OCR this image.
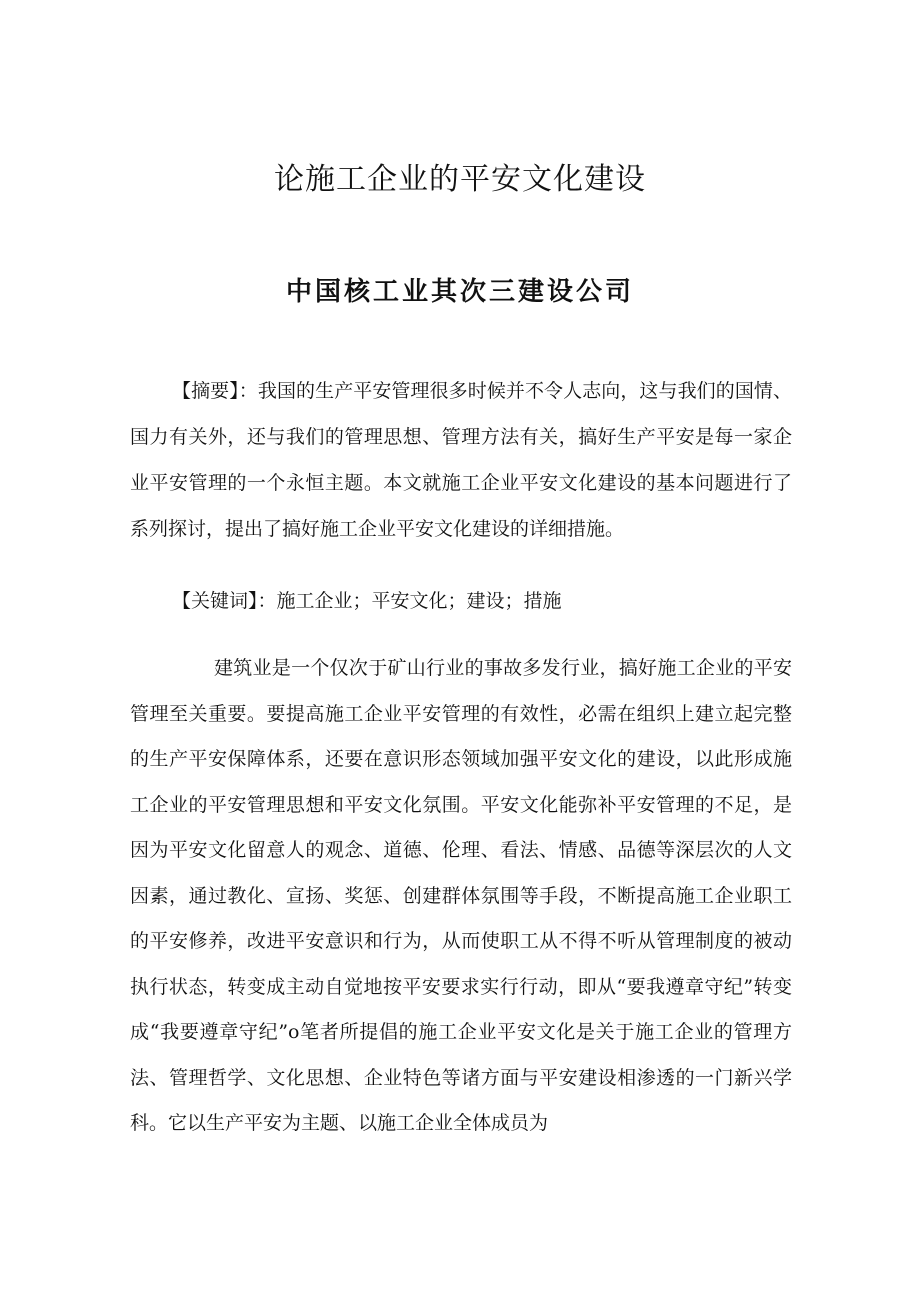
论施工企业的平安文化建设
中国核工业其次三建设公司
【摘要】：我国的生产平安管理很多时候并不令人志向，这与我们的国情、国力有关外，还与我们的管理思想、管理方法有关，搞好生产平安是每一家企业平安管理的一个永恒主题。本文就施工企业平安文化建设的基本问题进行了系列探讨，提出了搞好施工企业平安文化建设的详细措施。
【关键词】：施工企业；平安文化；建设；措施
建筑业是一个仅次于矿山行业的事故多发行业，搞好施工企业的平安管理至关重要。要提高施工企业平安管理的有效性，必需在组织上建立起完整的生产平安保障体系，还要在意识形态领域加强平安文化的建设，以此形成施工企业的平安管理思想和平安文化氛围。平安文化能弥补平安管理的不足，是因为平安文化留意人的观念、道德、伦理、看法、情感、品德等深层次的人文因素，通过教化、宣扬、奖惩、创建群体氛围等手段，不断提高施工企业职工的平安修养，改进平安意识和行为，从而使职工从不得不听从管理制度的被动执行状态，转变成主动自觉地按平安要求实行行动，即从“要我遵章守纪”转变成“我要遵章守纪”o笔者所提倡的施工企业平安文化是关于施工企业的管理方法、管理哲学、文化思想、企业特色等诸方面与平安建设相渗透的一门新兴学科。它以生产平安为主题、以施工企业全体成员为
